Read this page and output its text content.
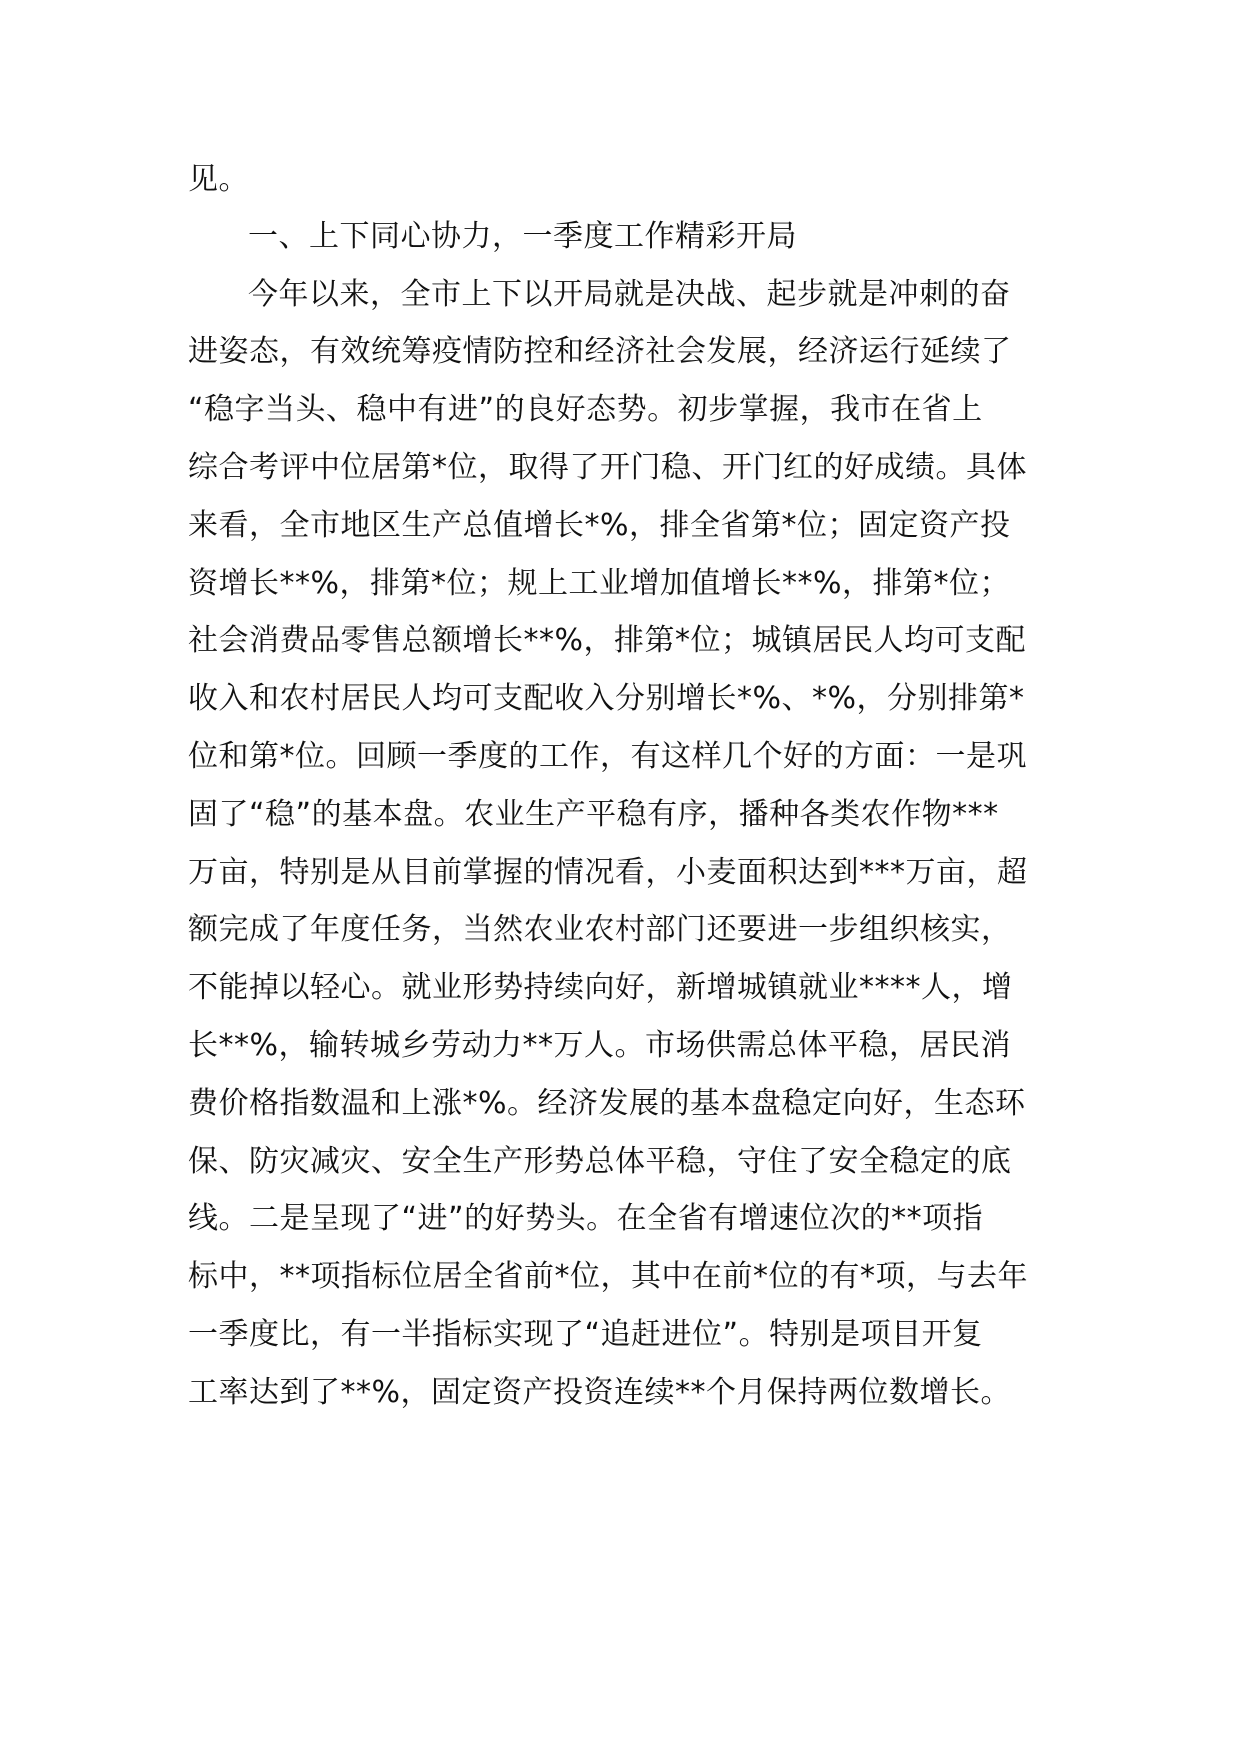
见。
一、上下同心协力，一季度工作精彩开局
今年以来，全市上下以开局就是决战、起步就是冲刺的奋
进姿态，有效统筹疫情防控和经济社会发展，经济运行延续了
“稳字当头、稳中有进”的良好态势。初步掌握，我市在省上
综合考评中位居第*位，取得了开门稳、开门红的好成绩。具体
来看，全市地区生产总值增长*%，排全省第*位；固定资产投
资增长**%，排第*位；规上工业增加值增长**%，排第*位；
社会消费品零售总额增长**%，排第*位；城镇居民人均可支配
收入和农村居民人均可支配收入分别增长*%、*%，分别排第*
位和第*位。回顾一季度的工作，有这样几个好的方面：一是巩
固了“稳”的基本盘。农业生产平稳有序，播种各类农作物***
万亩，特别是从目前掌握的情况看，小麦面积达到***万亩，超
额完成了年度任务，当然农业农村部门还要进一步组织核实，
不能掉以轻心。就业形势持续向好，新增城镇就业****人，增
长**%，输转城乡劳动力**万人。市场供需总体平稳，居民消
费价格指数温和上涨*%。经济发展的基本盘稳定向好，生态环
保、防灾减灾、安全生产形势总体平稳，守住了安全稳定的底
线。二是呈现了“进”的好势头。在全省有增速位次的**项指
标中，**项指标位居全省前*位，其中在前*位的有*项，与去年
一季度比，有一半指标实现了“追赶进位”。特别是项目开复
工率达到了**%，固定资产投资连续**个月保持两位数增长。
